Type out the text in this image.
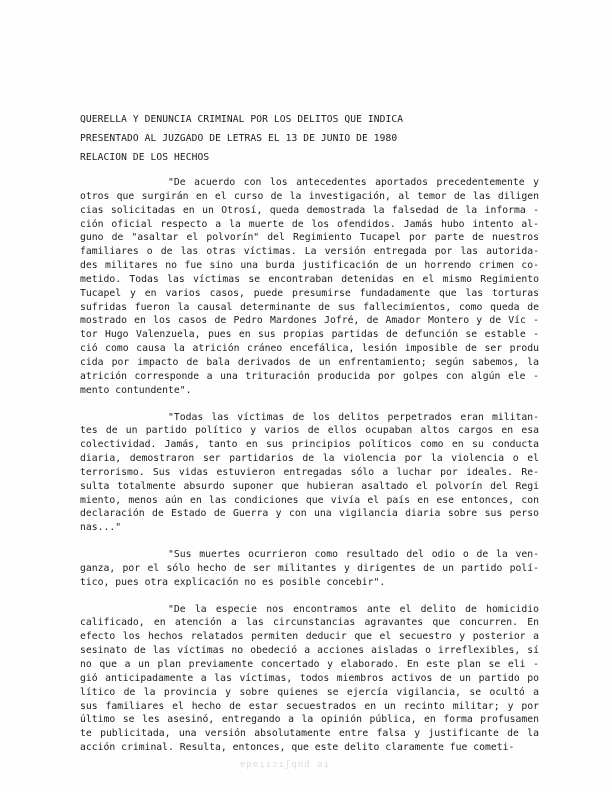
QUERELLA Y DENUNCIA CRIMINAL POR LOS DELITOS QUE INDICA
PRESENTADO AL JUZGADO DE LETRAS EL 13 DE JUNIO DE 1980
RELACION DE LOS HECHOS
"De acuerdo con los antecedentes aportados precedentemente y
otros que surgirán en el curso de la investigación, al temor de las diligen
cias solicitadas en un Otrosí, queda demostrada la falsedad de la informa -
ción oficial respecto a la muerte de los ofendidos. Jamás hubo intento al-
guno de "asaltar el polvorín" del Regimiento Tucapel por parte de nuestros
familiares o de las otras víctimas. La versión entregada por las autorida-
des militares no fue sino una burda justificación de un horrendo crimen co-
metido. Todas las víctimas se encontraban detenidas en el mismo Regimiento
Tucapel y en varios casos, puede presumirse fundadamente que las torturas
sufridas fueron la causal determinante de sus fallecimientos, como queda de
mostrado en los casos de Pedro Mardones Jofré, de Amador Montero y de Víc -
tor Hugo Valenzuela, pues en sus propias partidas de defunción se estable -
ció como causa la atrición cráneo encefálica, lesión imposible de ser produ
cida por impacto de bala derivados de un enfrentamiento; según sabemos, la
atrición corresponde a una trituración producida por golpes con algún ele -
mento contundente".
"Todas las víctimas de los delitos perpetrados eran militan-
tes de un partido político y varios de ellos ocupaban altos cargos en esa
colectividad. Jamás, tanto en sus principios políticos como en su conducta
diaria, demostraron ser partidarios de la violencia por la violencia o el
terrorismo. Sus vidas estuvieron entregadas sólo a luchar por ideales. Re-
sulta totalmente absurdo suponer que hubieran asaltado el polvorín del Regi
miento, menos aún en las condiciones que vivía el país en ese entonces, con
declaración de Estado de Guerra y con una vigilancia diaria sobre sus perso
nas..."
"Sus muertes ocurrieron como resultado del odio o de la ven-
ganza, por el sólo hecho de ser militantes y dirigentes de un partido polí-
tico, pues otra explicación no es posible concebir".
"De la especie nos encontramos ante el delito de homicidio
calificado, en atención a las circunstancias agravantes que concurren. En
efecto los hechos relatados permiten deducir que el secuestro y posterior a
sesinato de las víctimas no obedeció a acciones aisladas o irreflexibles, sí
no que a un plan previamente concertado y elaborado. En este plan se eli -
gió anticipadamente a las víctimas, todos miembros activos de un partido po
lítico de la provincia y sobre quienes se ejercía vigilancia, se ocultó a
sus familiares el hecho de estar secuestrados en un recinto militar; y por
último se les asesinó, entregando a la opinión pública, en forma profusamen
te publicitada, una versión absolutamente entre falsa y justificante de la
acción criminal. Resulta, entonces, que este delito claramente fue cometi-
ɐpɐʇıɔıʃqnd ǝʇ
